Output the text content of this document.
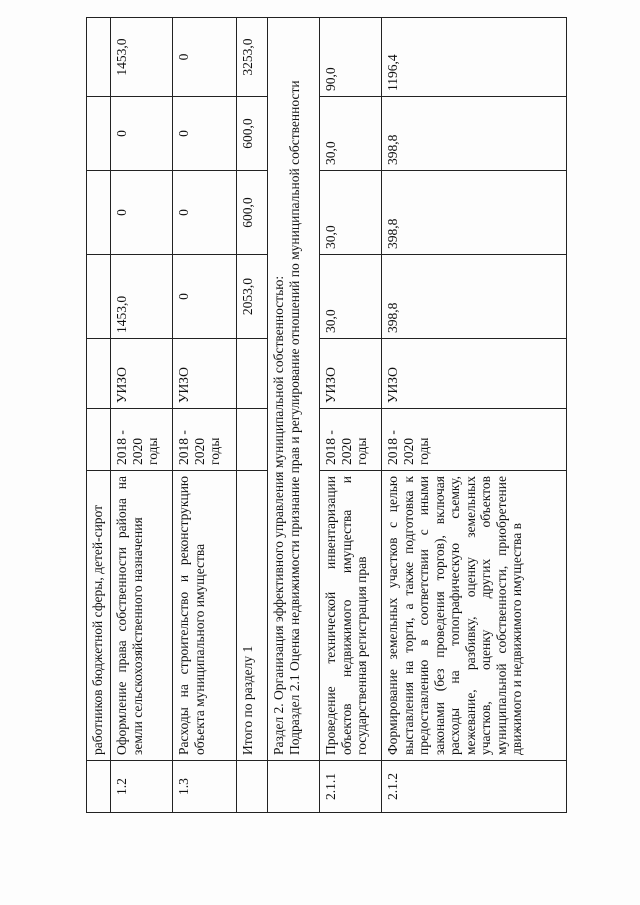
	работников бюджетной сферы, детей-сирот						
1.2	Оформление права собственности района на земли сельскохозяйственного назначения	2018 - 2020 годы	УИЗО	1453,0	0	0	1453,0
1.3	Расходы на строительство и реконструкцию объекта муниципального имущества	2018 - 2020 годы	УИЗО	0	0	0	0
	Итого по разделу 1			2053,0	600,0	600,0	3253,0

	Раздел 2. Организация эффективного управления муниципальной собственностью: Подраздел 2.1 Оценка недвижимости признание прав и регулирование отношений по муниципальной собственности						

2.1.1	Проведение технической инвентаризации объектов недвижимого имущества и государственная регистрация прав	2018 - 2020 годы	УИЗО	30,0	30,0	30,0	90,0
2.1.2	Формирование земельных участков с целью выставления на торги, а также подготовка к предоставлению в соответствии с иными законами (без проведения торгов), включая расходы на топографическую съемку, межевание, разбивку, оценку земельных участков, оценку других объектов муниципальной собственности, приобретение движимого и недвижимого имущества в	2018 - 2020 годы	УИЗО	398,8	398,8	398,8	1196,4
